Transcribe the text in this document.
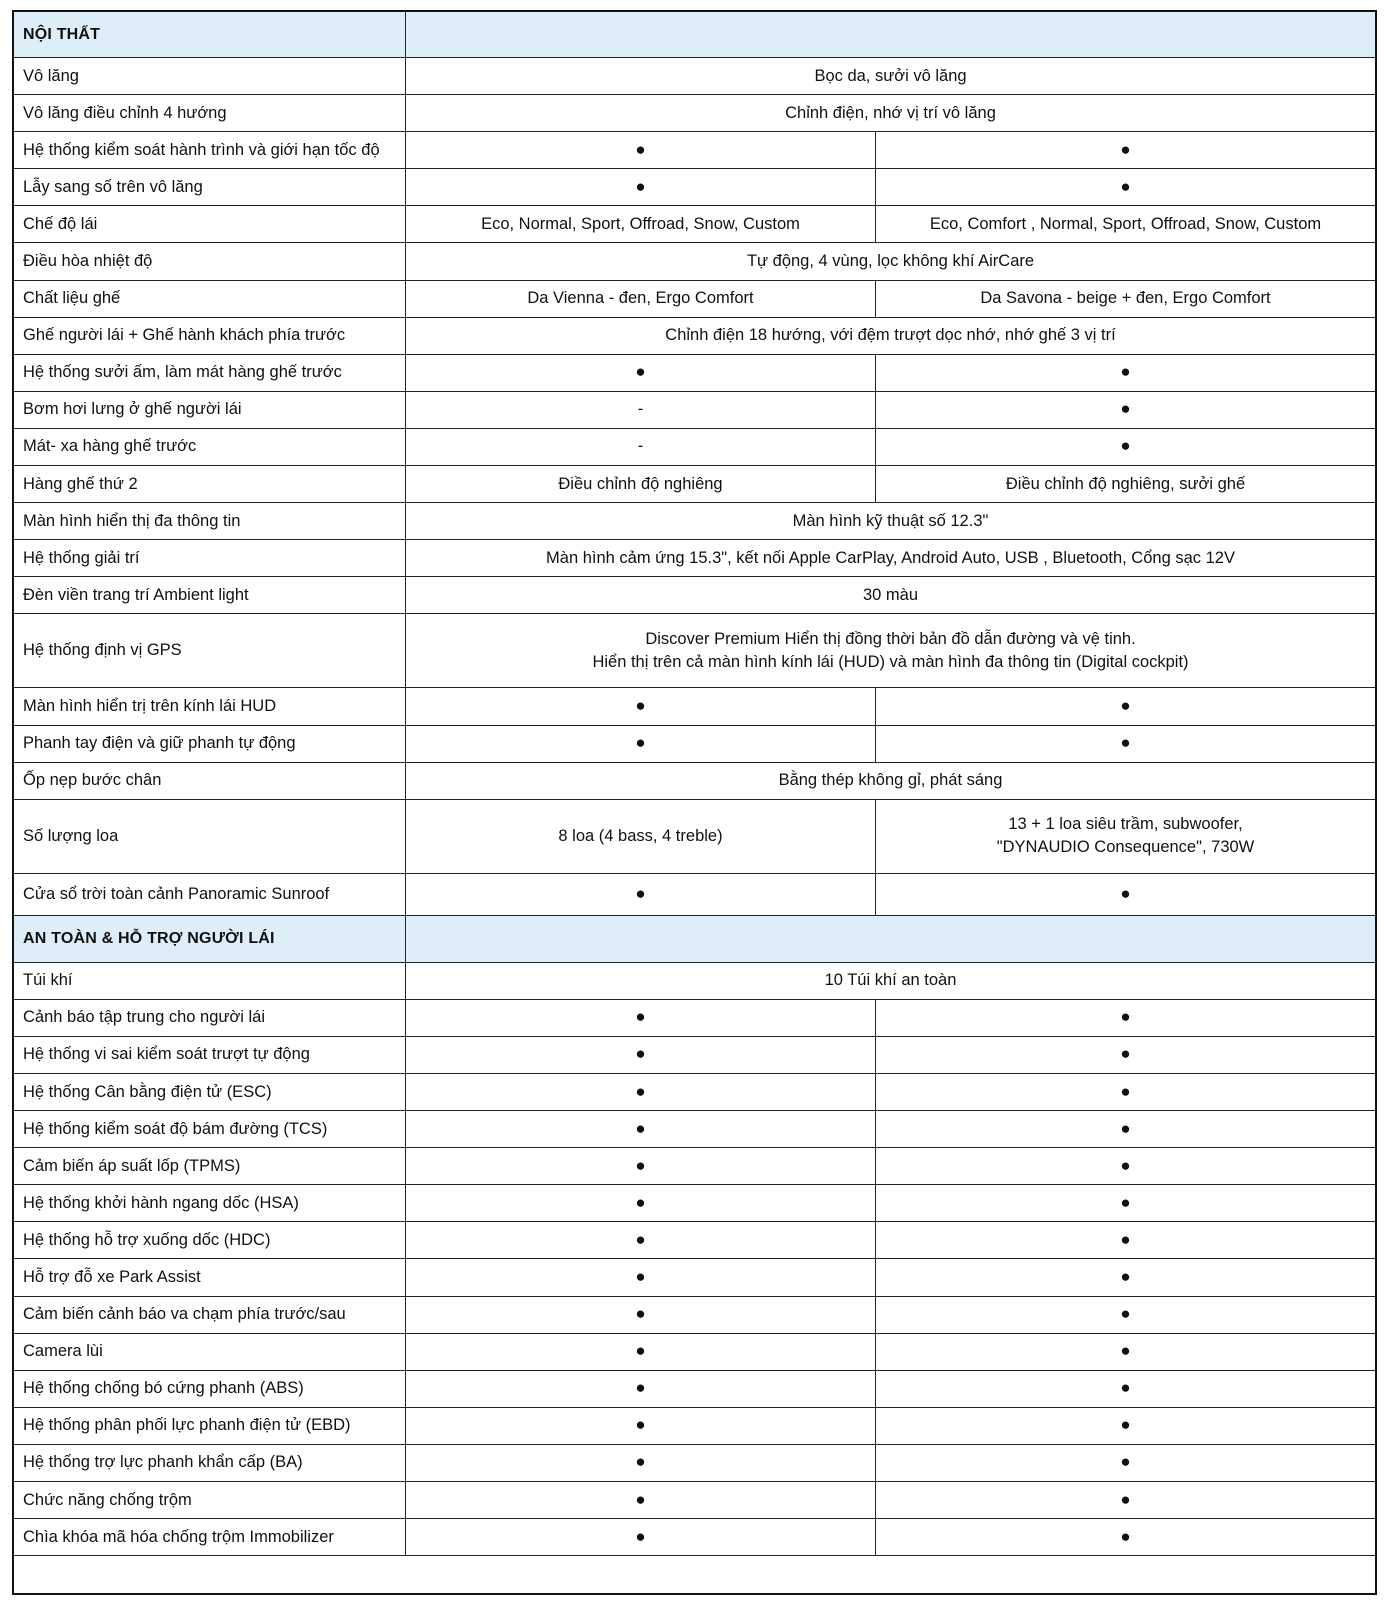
NỘI THẤT		
Vô lăng	Bọc da, sưởi vô lăng	

Vô lăng điều chỉnh 4 hướng	Chỉnh điện, nhớ vị trí vô lăng	

Hệ thống kiểm soát hành trình và giới hạn tốc độ	●	●
Lẫy sang số trên vô lăng	●	●
Chế độ lái	Eco, Normal, Sport, Offroad, Snow, Custom	Eco, Comfort , Normal, Sport, Offroad, Snow, Custom

Điều hòa nhiệt độ	Tự động, 4 vùng, lọc không khí AirCare	

Chất liệu ghế	Da Vienna - đen, Ergo Comfort	Da Savona - beige + đen, Ergo Comfort

Ghế người lái + Ghế hành khách phía trước	Chỉnh điện 18 hướng, với đệm trượt dọc nhớ, nhớ ghế 3 vị trí	

Hệ thống sưởi ấm, làm mát hàng ghế trước	●	●
Bơm hơi lưng ở ghế người lái	-	●
Mát- xa hàng ghế trước	-	●
Hàng ghế thứ 2	Điều chỉnh độ nghiêng	Điều chỉnh độ nghiêng, sưởi ghế

Màn hình hiển thị đa thông tin	Màn hình kỹ thuật số 12.3"	

Hệ thống giải trí	Màn hình cảm ứng 15.3", kết nối Apple CarPlay, Android Auto, USB , Bluetooth, Cổng sạc 12V	

Đèn viền trang trí Ambient light	30 màu	

Hệ thống định vị GPS	Discover Premium Hiển thị đồng thời bản đồ dẫn đường và vệ tinh.
Hiển thị trên cả màn hình kính lái (HUD) và màn hình đa thông tin (Digital cockpit)	

Màn hình hiển trị trên kính lái HUD	●	●
Phanh tay điện và giữ phanh tự động	●	●
Ốp nẹp bước chân	Bằng thép không gỉ, phát sáng	

Số lượng loa	8 loa (4 bass, 4 treble)	13 + 1 loa siêu trầm, subwoofer,
"DYNAUDIO Consequence", 730W

Cửa sổ trời toàn cảnh Panoramic Sunroof	●	●
AN TOÀN & HỖ TRỢ NGƯỜI LÁI		
Túi khí	10 Túi khí an toàn	

Cảnh báo tập trung cho người lái	●	●
Hệ thống vi sai kiểm soát trượt tự động	●	●
Hệ thống Cân bằng điện tử (ESC)	●	●
Hệ thống kiểm soát độ bám đường (TCS)	●	●
Cảm biến áp suất lốp (TPMS)	●	●
Hệ thống khởi hành ngang dốc (HSA)	●	●
Hệ thống hỗ trợ xuống dốc (HDC)	●	●
Hỗ trợ đỗ xe Park Assist	●	●
Cảm biến cảnh báo va chạm phía trước/sau	●	●
Camera lùi	●	●
Hệ thống chống bó cứng phanh (ABS)	●	●
Hệ thống phân phối lực phanh điện tử (EBD)	●	●
Hệ thống trợ lực phanh khẩn cấp (BA)	●	●
Chức năng chống trộm	●	●
Chìa khóa mã hóa chống trộm Immobilizer	●	●
